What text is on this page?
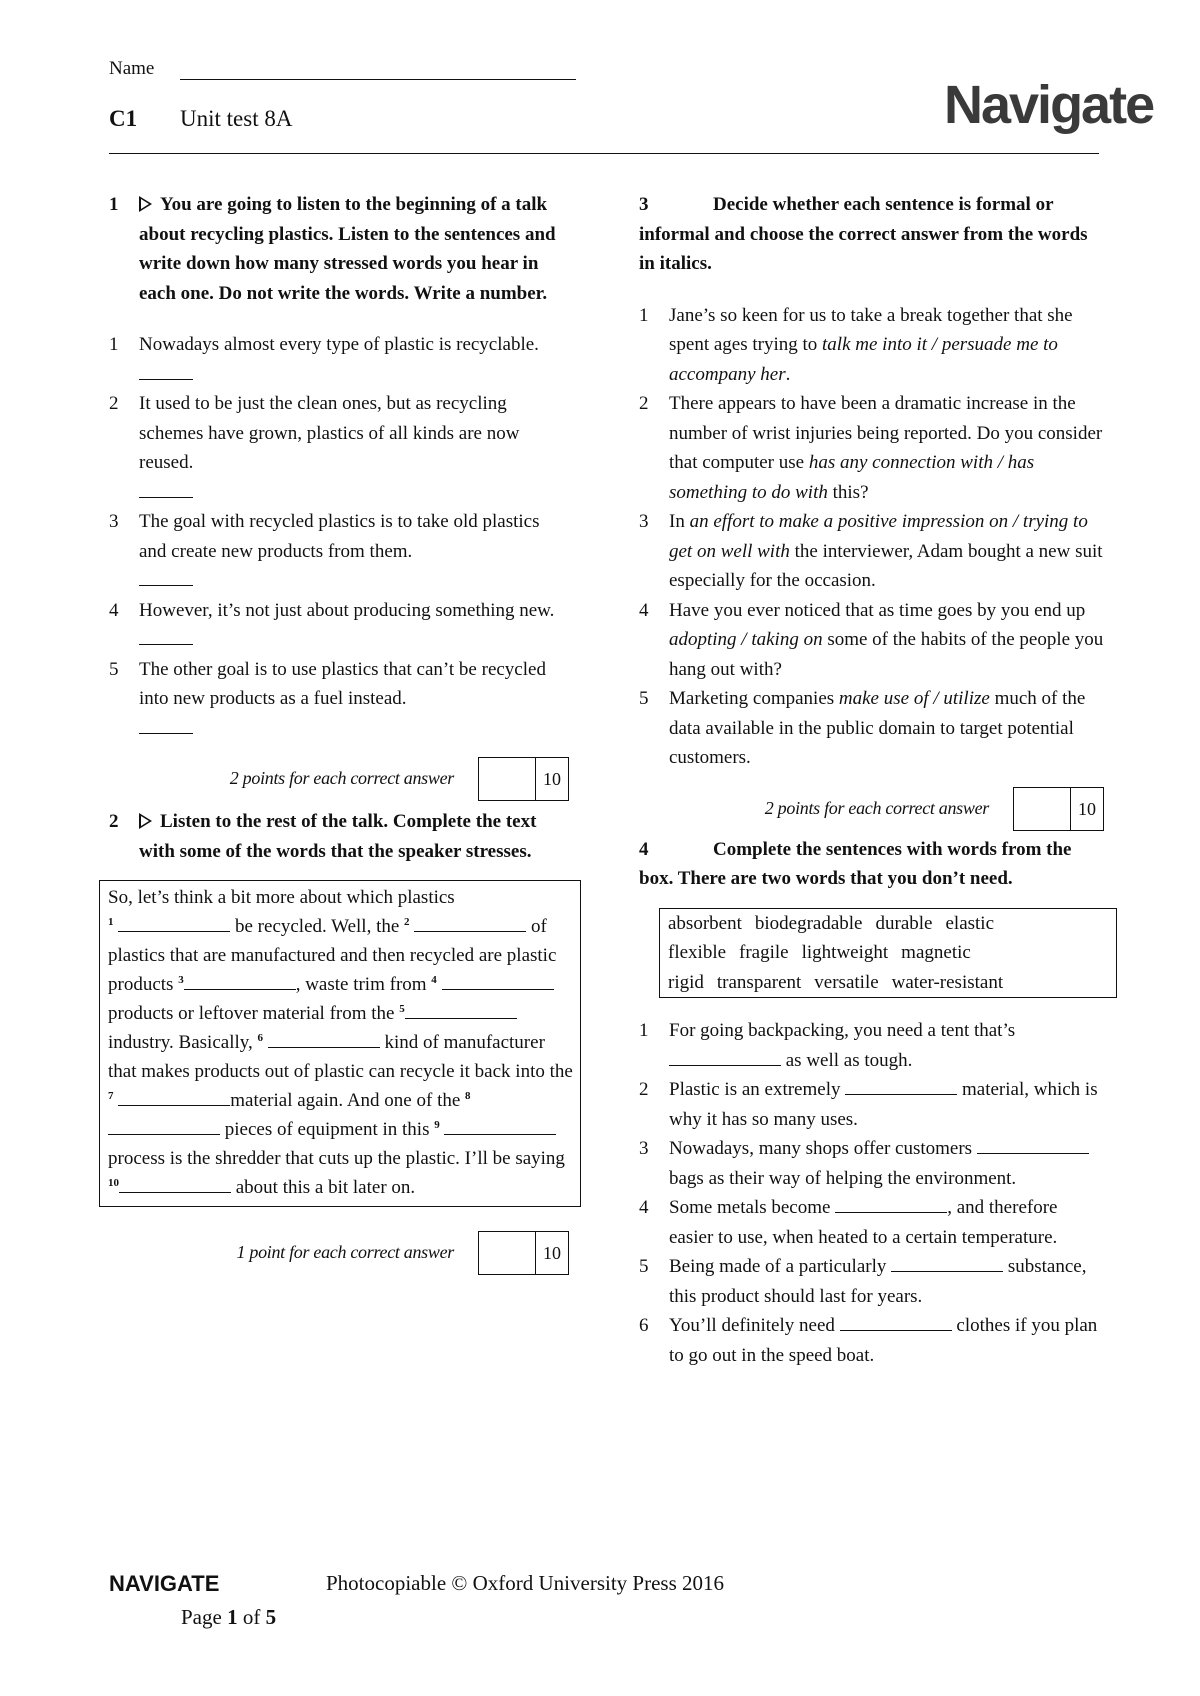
Name
C1 Unit test 8A	Navigate
1	You are going to listen to the beginning of a talk about recycling plastics. Listen to the sentences and write down how many stressed words you hear in each one. Do not write the words. Write a number.
1	Nowadays almost every type of plastic is recyclable.

2	It used to be just the clean ones, but as recycling schemes have grown, plastics of all kinds are now reused.

3	The goal with recycled plastics is to take old plastics and create new products from them.

4	However, it’s not just about producing something new.

5	The other goal is to use plastics that can’t be recycled into new products as a fuel instead.

2 points for each correct answer	10
2	Listen to the rest of the talk. Complete the text with some of the words that the speaker stresses.
So, let’s think a bit more about which plastics
$^1$	be recycled. Well, the $^2$	of plastics that are manufactured and then recycled are plastic products $^3$	, waste trim from $^4$  products or leftover material from the $^5$ industry. Basically, $^6$	kind of manufacturer that makes products out of plastic can recycle it back into the $^7$	material again. And one of the $^8$  pieces of equipment in this $^9$  process is the shredder that cuts up the plastic. I’ll be saying $^{10}$	about this a bit later on.
1 point for each correct answer	10
3	Decide whether each sentence is formal or informal and choose the correct answer from the words in italics.
1	Jane’s so keen for us to take a break together that she spent ages trying to talk me into it / persuade me to accompany her.
2	There appears to have been a dramatic increase in the number of wrist injuries being reported. Do you consider that computer use has any connection with / has something to do with this?
3	In an effort to make a positive impression on / trying to get on well with the interviewer, Adam bought a new suit especially for the occasion.
4	Have you ever noticed that as time goes by you end up adopting / taking on some of the habits of the people you hang out with?
5	Marketing companies make use of / utilize much of the data available in the public domain to target potential customers.
2 points for each correct answer	10
4	Complete the sentences with words from the box. There are two words that you don’t need.
absorbent biodegradable durable elastic
flexible fragile lightweight magnetic
rigid transparent versatile water-resistant
1	For going backpacking, you need a tent that’s  as well as tough.
2	Plastic is an extremely	material, which is why it has so many uses.
3	Nowadays, many shops offer customers  bags as their way of helping the environment.
4	Some metals become	, and therefore easier to use, when heated to a certain temperature.
5	Being made of a particularly	substance, this product should last for years.
6	You’ll definitely need	clothes if you plan to go out in the speed boat.
NAVIGATE	Photocopiable © Oxford University Press 2016
Page 1 of 5
